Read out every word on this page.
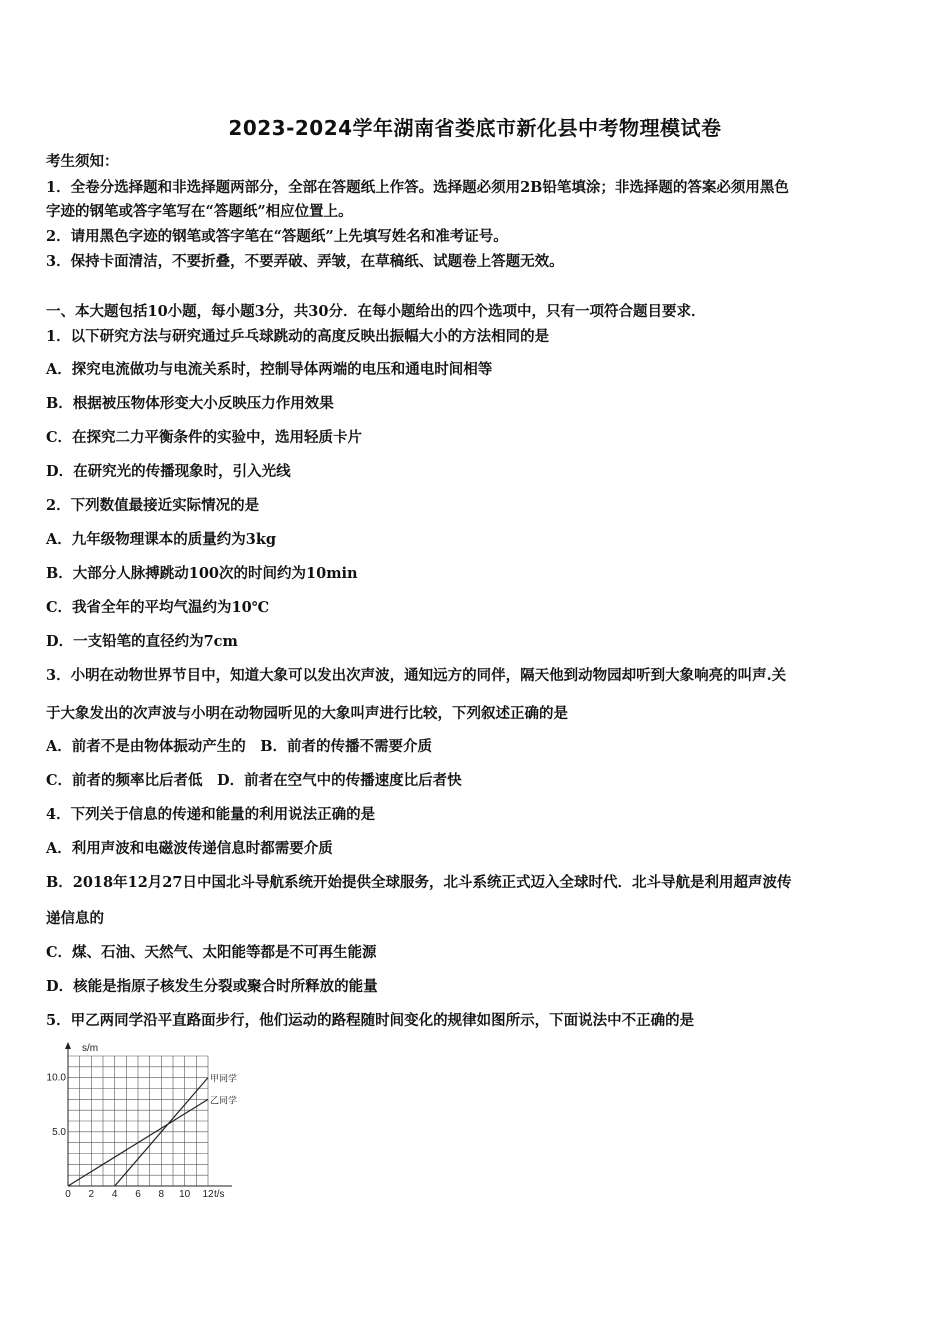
2023-2024学年湖南省娄底市新化县中考物理模试卷
考生须知：
1．全卷分选择题和非选择题两部分，全部在答题纸上作答。选择题必须用2B铅笔填涂；非选择题的答案必须用黑色
字迹的钢笔或答字笔写在“答题纸”相应位置上。
2．请用黑色字迹的钢笔或答字笔在“答题纸”上先填写姓名和准考证号。
3．保持卡面清洁，不要折叠，不要弄破、弄皱，在草稿纸、试题卷上答题无效。
一、本大题包括10小题，每小题3分，共30分．在每小题给出的四个选项中，只有一项符合题目要求．
1．以下研究方法与研究通过乒乓球跳动的高度反映出振幅大小的方法相同的是
A．探究电流做功与电流关系时，控制导体两端的电压和通电时间相等
B．根据被压物体形变大小反映压力作用效果
C．在探究二力平衡条件的实验中，选用轻质卡片
D．在研究光的传播现象时，引入光线
2．下列数值最接近实际情况的是
A．九年级物理课本的质量约为3kg
B．大部分人脉搏跳动100次的时间约为10min
C．我省全年的平均气温约为10℃
D．一支铅笔的直径约为7cm
3．小明在动物世界节目中，知道大象可以发出次声波，通知远方的同伴，隔天他到动物园却听到大象响亮的叫声.关
于大象发出的次声波与小明在动物园听见的大象叫声进行比较，下列叙述正确的是
A．前者不是由物体振动产生的　B．前者的传播不需要介质
C．前者的频率比后者低　D．前者在空气中的传播速度比后者快
4．下列关于信息的传递和能量的利用说法正确的是
A．利用声波和电磁波传递信息时都需要介质
B．2018年12月27日中国北斗导航系统开始提供全球服务，北斗系统正式迈入全球时代．北斗导航是利用超声波传
递信息的
C．煤、石油、天然气、太阳能等都是不可再生能源
D．核能是指原子核发生分裂或聚合时所释放的能量
5．甲乙两同学沿平直路面步行，他们运动的路程随时间变化的规律如图所示，下面说法中不正确的是
甲同学
乙同学
0 2 4 6 8 10 12
5.0
10.0
t/s
s/m
